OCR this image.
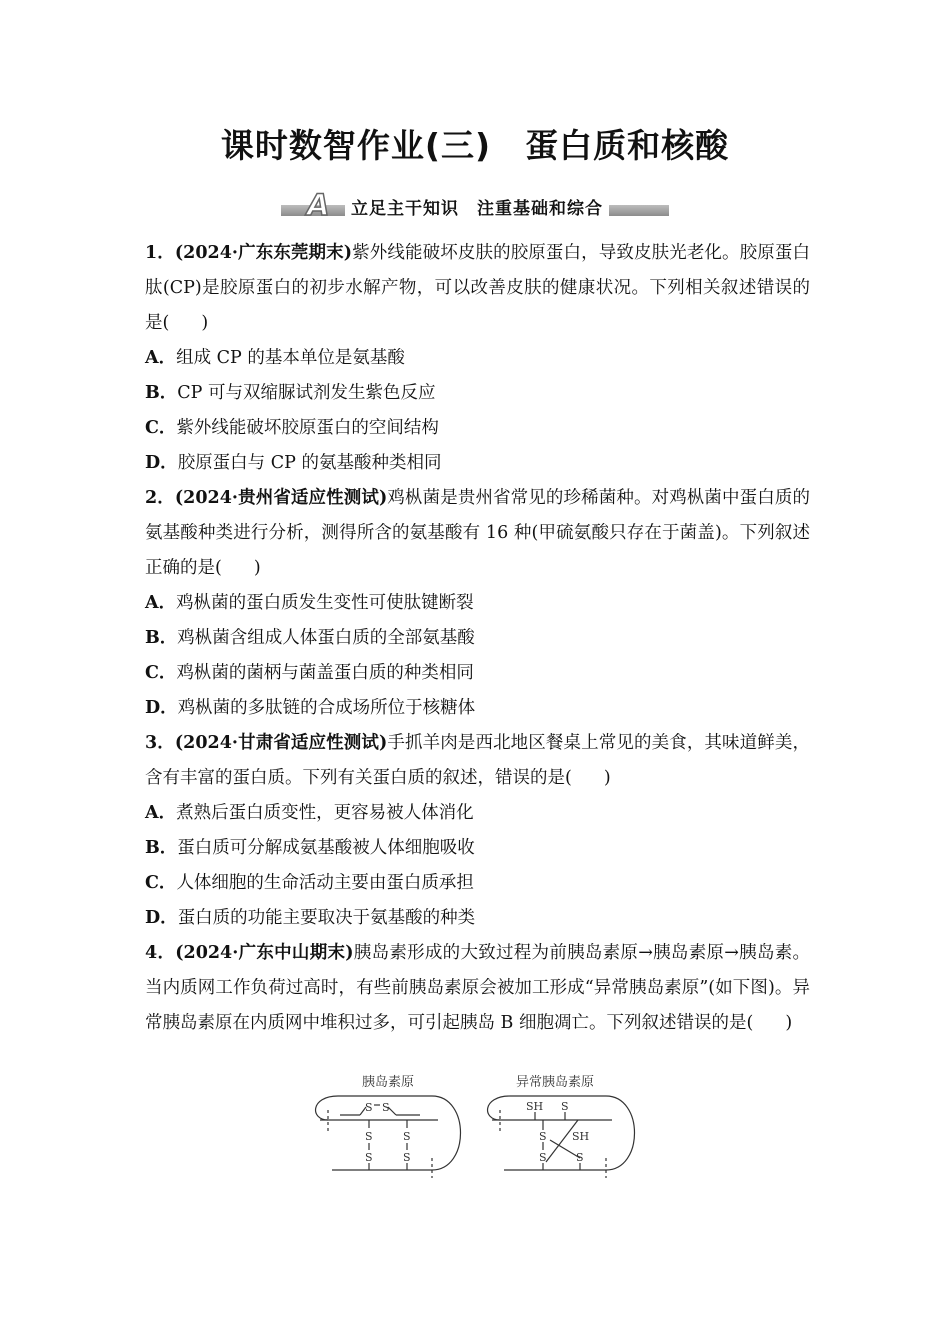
课时数智作业(三) 蛋白质和核酸
A	立足主干知识　注重基础和综合

1．(2024·广东东莞期末)紫外线能破坏皮肤的胶原蛋白，导致皮肤光老化。胶原蛋白肽(CP)是胶原蛋白的初步水解产物，可以改善皮肤的健康状况。下列相关叙述错误的是( )

A．组成 CP 的基本单位是氨基酸

B．CP 可与双缩脲试剂发生紫色反应

C．紫外线能破坏胶原蛋白的空间结构

D．胶原蛋白与 CP 的氨基酸种类相同

2．(2024·贵州省适应性测试)鸡枞菌是贵州省常见的珍稀菌种。对鸡枞菌中蛋白质的氨基酸种类进行分析，测得所含的氨基酸有 16 种(甲硫氨酸只存在于菌盖)。下列叙述正确的是( )

A．鸡枞菌的蛋白质发生变性可使肽键断裂

B．鸡枞菌含组成人体蛋白质的全部氨基酸

C．鸡枞菌的菌柄与菌盖蛋白质的种类相同

D．鸡枞菌的多肽链的合成场所位于核糖体

3．(2024·甘肃省适应性测试)手抓羊肉是西北地区餐桌上常见的美食，其味道鲜美，含有丰富的蛋白质。下列有关蛋白质的叙述，错误的是( )

A．煮熟后蛋白质变性，更容易被人体消化

B．蛋白质可分解成氨基酸被人体细胞吸收

C．人体细胞的生命活动主要由蛋白质承担

D．蛋白质的功能主要取决于氨基酸的种类

4．(2024·广东中山期末)胰岛素形成的大致过程为前胰岛素原→胰岛素原→胰岛素。当内质网工作负荷过高时，有些前胰岛素原会被加工形成“异常胰岛素原”(如下图)。异常胰岛素原在内质网中堆积过多，可引起胰岛 B 细胞凋亡。下列叙述错误的是( )

胰岛素原
S S
S
S
S
S
异常胰岛素原
SH S
S SH
S	S
